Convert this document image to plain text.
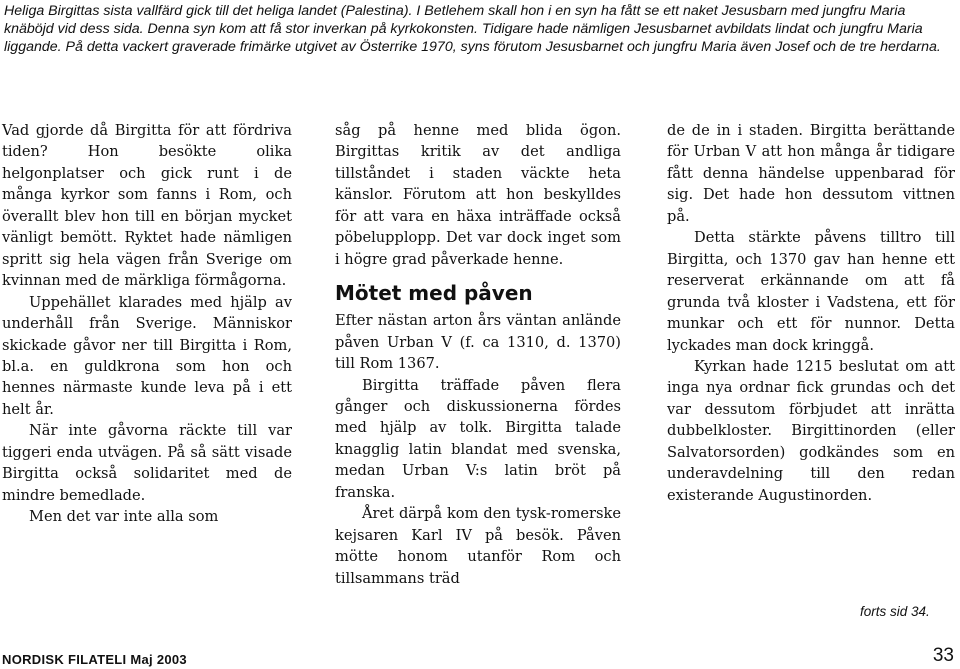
Heliga Birgittas sista vallfärd gick till det heliga landet (Palestina). I Betlehem skall hon i en syn ha fått se ett naket Jesusbarn med jungfru Maria knäböjd vid dess sida. Denna syn kom att få stor inverkan på kyrkokonsten. Tidigare hade nämligen Jesusbarnet avbildats lindat och jungfru Maria liggande. På detta vackert graverade frimärke utgivet av Österrike 1970, syns förutom Jesusbarnet och jungfru Maria även Josef och de tre herdarna.

Vad gjorde då Birgitta för att fördriva tiden? Hon besökte olika helgonplatser och gick runt i de många kyrkor som fanns i Rom, och överallt blev hon till en början mycket vänligt bemött. Ryktet hade nämligen spritt sig hela vägen från Sverige om kvinnan med de märkliga förmågorna.

Uppehället klarades med hjälp av underhåll från Sverige. Människor skickade gåvor ner till Birgitta i Rom, bl.a. en guldkrona som hon och hennes närmaste kunde leva på i ett helt år.

När inte gåvorna räckte till var tiggeri enda utvägen. På så sätt visade Birgitta också solidaritet med de mindre bemedlade.

Men det var inte alla som

såg på henne med blida ögon. Birgittas kritik av det andliga tillståndet i staden väckte heta känslor. Förutom att hon beskylldes för att vara en häxa inträffade också pöbelupplopp. Det var dock inget som i högre grad påverkade henne.

Mötet med påven

Efter nästan arton års väntan anlände påven Urban V (f. ca 1310, d. 1370) till Rom 1367.

Birgitta träffade påven flera gånger och diskussionerna fördes med hjälp av tolk. Birgitta talade knagglig latin blandat med svenska, medan Urban V:s latin bröt på franska.

Året därpå kom den tysk-romerske kejsaren Karl IV på besök. Påven mötte honom utanför Rom och tillsammans träd

de de in i staden. Birgitta berättande för Urban V att hon många år tidigare fått denna händelse uppenbarad för sig. Det hade hon dessutom vittnen på.

Detta stärkte påvens tilltro till Birgitta, och 1370 gav han henne ett reserverat erkännande om att få grunda två kloster i Vadstena, ett för munkar och ett för nunnor. Detta lyckades man dock kringgå.

Kyrkan hade 1215 beslutat om att inga nya ordnar fick grundas och det var dessutom förbjudet att inrätta dubbelkloster. Birgittinorden (eller Salvatorsorden) godkändes som en underavdelning till den redan existerande Augustinorden.

forts sid 34.
NORDISK FILATELI Maj 2003	33
